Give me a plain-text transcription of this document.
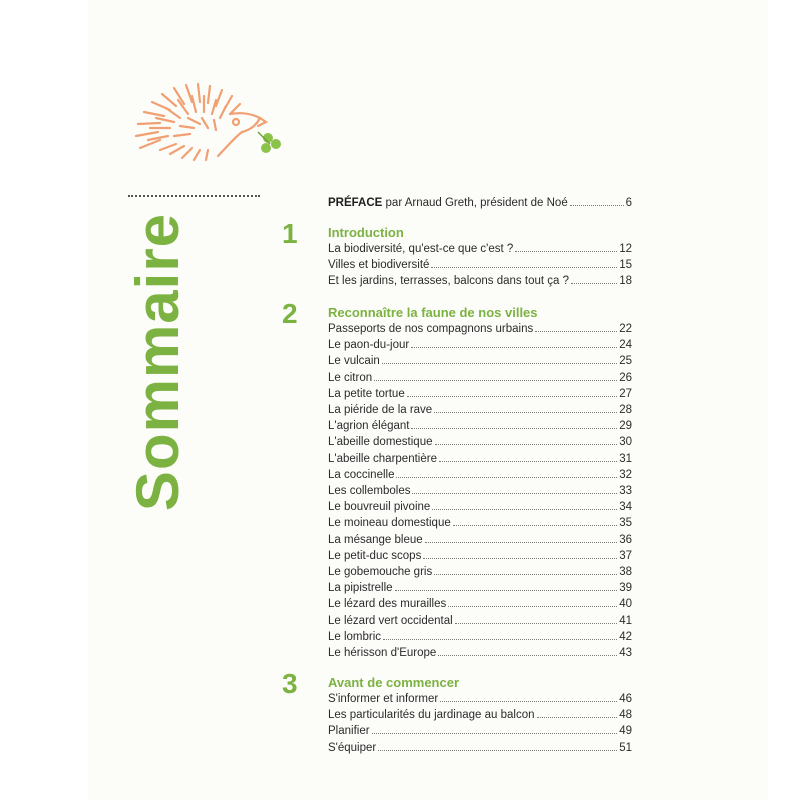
Sommaire
PRÉFACE par Arnaud Greth, président de Noé	6
1	Introduction
La biodiversité, qu'est-ce que c'est ?	12
Villes et biodiversité	15
Et les jardins, terrasses, balcons dans tout ça ?	18
2	Reconnaître la faune de nos villes
Passeports de nos compagnons urbains	22
Le paon-du-jour	24
Le vulcain	25
Le citron	26
La petite tortue	27
La piéride de la rave	28
L'agrion élégant	29
L'abeille domestique	30
L'abeille charpentière	31
La coccinelle	32
Les collemboles	33
Le bouvreuil pivoine	34
Le moineau domestique	35
La mésange bleue	36
Le petit-duc scops	37
Le gobemouche gris	38
La pipistrelle	39
Le lézard des murailles	40
Le lézard vert occidental	41
Le lombric	42
Le hérisson d'Europe	43
3	Avant de commencer
S'informer et informer	46
Les particularités du jardinage au balcon	48
Planifier	49
S'équiper	51
